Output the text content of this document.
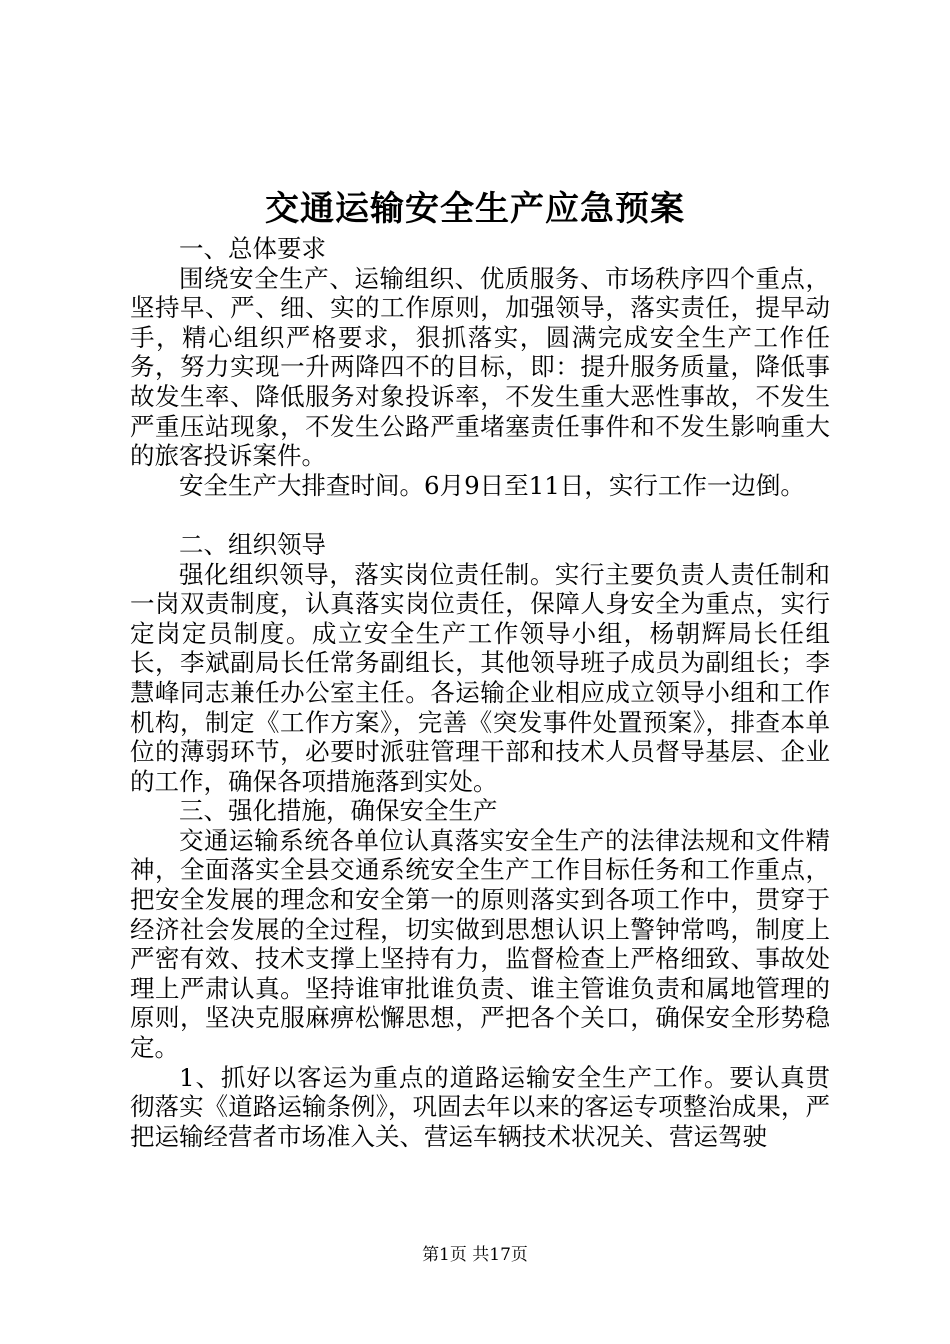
交通运输安全生产应急预案

一、总体要求

围绕安全生产、运输组织、优质服务、市场秩序四个重点，坚持早、严、细、实的工作原则，加强领导，落实责任，提早动手，精心组织严格要求，狠抓落实，圆满完成安全生产工作任务，努力实现一升两降四不的目标，即：提升服务质量，降低事故发生率、降低服务对象投诉率，不发生重大恶性事故，不发生严重压站现象，不发生公路严重堵塞责任事件和不发生影响重大的旅客投诉案件。

安全生产大排查时间。6月9日至11日，实行工作一边倒。

二、组织领导

强化组织领导，落实岗位责任制。实行主要负责人责任制和一岗双责制度，认真落实岗位责任，保障人身安全为重点，实行定岗定员制度。成立安全生产工作领导小组，杨朝辉局长任组长，李斌副局长任常务副组长，其他领导班子成员为副组长；李慧峰同志兼任办公室主任。各运输企业相应成立领导小组和工作机构，制定《工作方案》，完善《突发事件处置预案》，排查本单位的薄弱环节，必要时派驻管理干部和技术人员督导基层、企业的工作，确保各项措施落到实处。

三、强化措施，确保安全生产

交通运输系统各单位认真落实安全生产的法律法规和文件精神，全面落实全县交通系统安全生产工作目标任务和工作重点，把安全发展的理念和安全第一的原则落实到各项工作中，贯穿于经济社会发展的全过程，切实做到思想认识上警钟常鸣，制度上严密有效、技术支撑上坚持有力，监督检查上严格细致、事故处理上严肃认真。坚持谁审批谁负责、谁主管谁负责和属地管理的原则，坚决克服麻痹松懈思想，严把各个关口，确保安全形势稳定。

1、抓好以客运为重点的道路运输安全生产工作。要认真贯彻落实《道路运输条例》，巩固去年以来的客运专项整治成果，严把运输经营者市场准入关、营运车辆技术状况关、营运驾驶

第1页 共17页
